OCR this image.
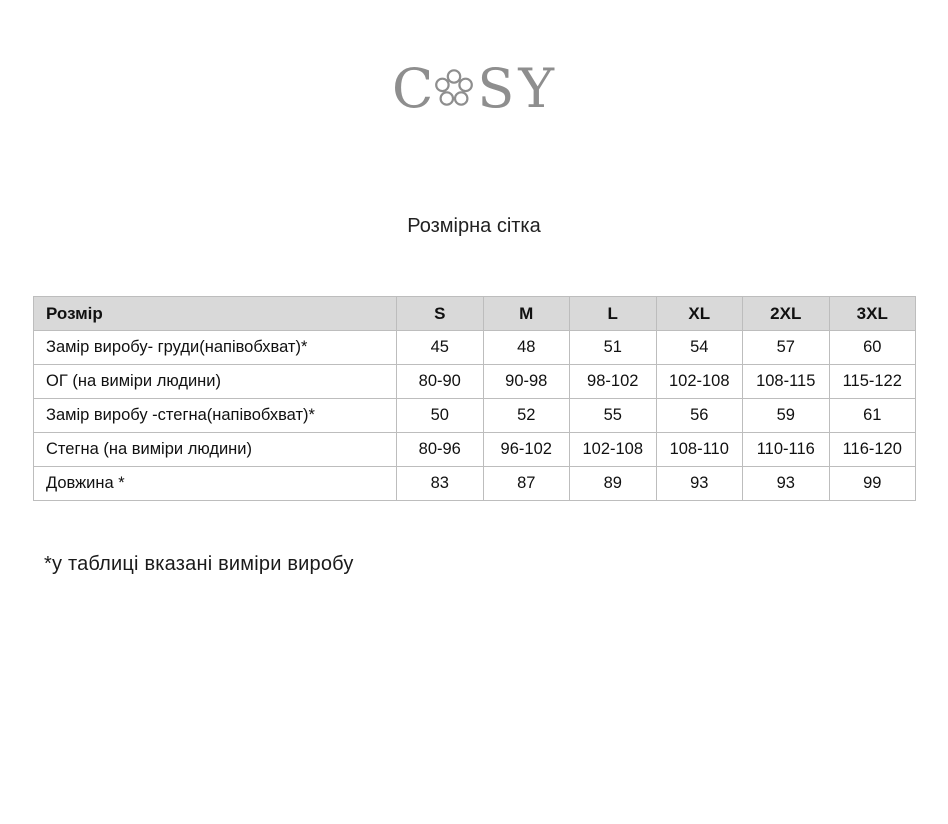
C S Y
Розмірна сітка
Розмір	S	M	L	XL	2XL	3XL
Замір виробу- груди(напівобхват)*	45	48	51	54	57	60
ОГ (на виміри людини)	80-90	90-98	98-102	102-108	108-115	115-122
Замір виробу -стегна(напівобхват)*	50	52	55	56	59	61
Стегна (на виміри людини)	80-96	96-102	102-108	108-110	110-116	116-120
Довжина *	83	87	89	93	93	99
*у таблиці вказані виміри виробу
